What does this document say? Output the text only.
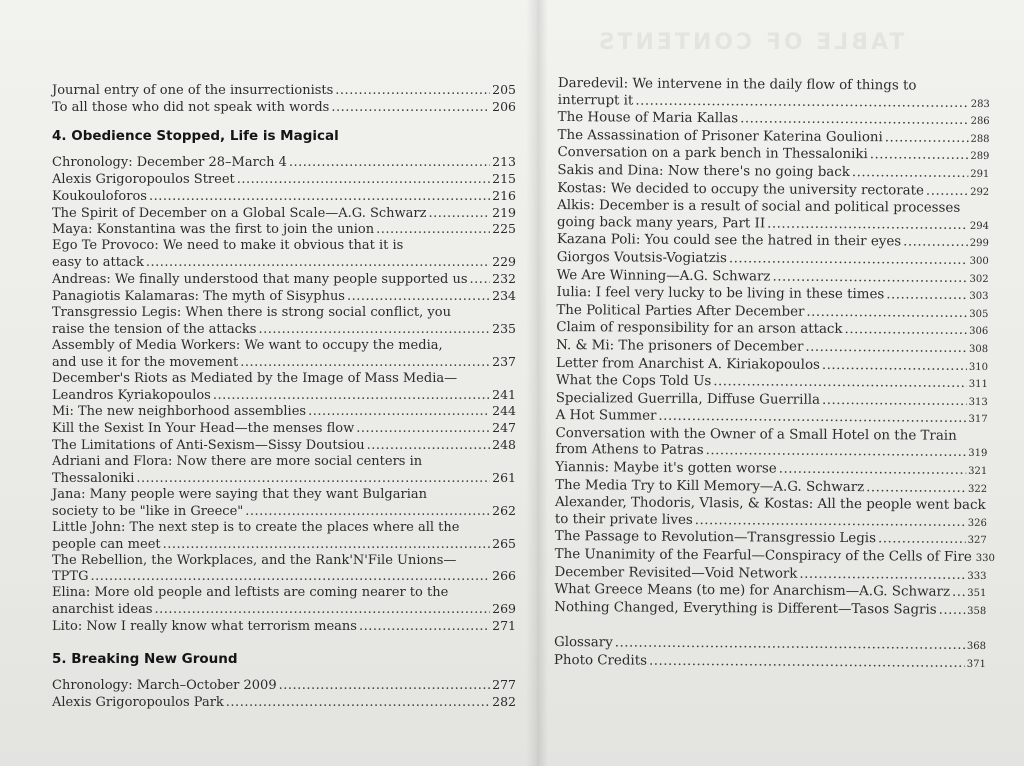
TABLE OF CONTENTS
Journal entry of one of the insurrectionists .....	205
To all those who did not speak with words .....	206
4. Obedience Stopped, Life is Magical
Chronology: December 28–March 4 .....	213
Alexis Grigoropoulos Street .....	215
Koukouloforos .....	216
The Spirit of December on a Global Scale—A.G. Schwarz .....	219
Maya: Konstantina was the first to join the union .....	225
Ego Te Provoco: We need to make it obvious that it is
easy to attack .....	229
Andreas: We finally understood that many people supported us ..... 232
Panagiotis Kalamaras: The myth of Sisyphus .....	234
Transgressio Legis: When there is strong social conflict, you
raise the tension of the attacks .....	235
Assembly of Media Workers: We want to occupy the media,
and use it for the movement .....	237
December's Riots as Mediated by the Image of Mass Media—
Leandros Kyriakopoulos .....	241
Mi: The new neighborhood assemblies .....	244
Kill the Sexist In Your Head—the menses flow .....	247
The Limitations of Anti-Sexism—Sissy Doutsiou .....	248
Adriani and Flora: Now there are more social centers in
Thessaloniki .....	261
Jana: Many people were saying that they want Bulgarian
society to be "like in Greece" .....	262
Little John: The next step is to create the places where all the
people can meet .....	265
The Rebellion, the Workplaces, and the Rank'N'File Unions—
TPTG .....	266
Elina: More old people and leftists are coming nearer to the
anarchist ideas .....	269
Lito: Now I really know what terrorism means .....	271
5. Breaking New Ground
Chronology: March–October 2009 .....	277
Alexis Grigoropoulos Park .....	282
Daredevil: We intervene in the daily flow of things to
interrupt it .....	283
The House of Maria Kallas .....	286
The Assassination of Prisoner Katerina Goulioni .....	288
Conversation on a park bench in Thessaloniki .....	289
Sakis and Dina: Now there's no going back .....	291
Kostas: We decided to occupy the university rectorate .....	292
Alkis: December is a result of social and political processes
going back many years, Part II .....	294
Kazana Poli: You could see the hatred in their eyes .....	299
Giorgos Voutsis-Vogiatzis .....	300
We Are Winning—A.G. Schwarz .....	302
Iulia: I feel very lucky to be living in these times .....	303
The Political Parties After December .....	305
Claim of responsibility for an arson attack .....	306
N. & Mi: The prisoners of December .....	308
Letter from Anarchist A. Kiriakopoulos .....	310
What the Cops Told Us .....	311
Specialized Guerrilla, Diffuse Guerrilla .....	313
A Hot Summer .....	317
Conversation with the Owner of a Small Hotel on the Train
from Athens to Patras .....	319
Yiannis: Maybe it's gotten worse .....	321
The Media Try to Kill Memory—A.G. Schwarz .....	322
Alexander, Thodoris, Vlasis, & Kostas: All the people went back
to their private lives .....	326
The Passage to Revolution—Transgressio Legis .....	327
The Unanimity of the Fearful—Conspiracy of the Cells of Fire ..... 330
December Revisited—Void Network .....	333
What Greece Means (to me) for Anarchism—A.G. Schwarz ..... 351
Nothing Changed, Everything is Different—Tasos Sagris .....	358
Glossary .....	368
Photo Credits .....	371
